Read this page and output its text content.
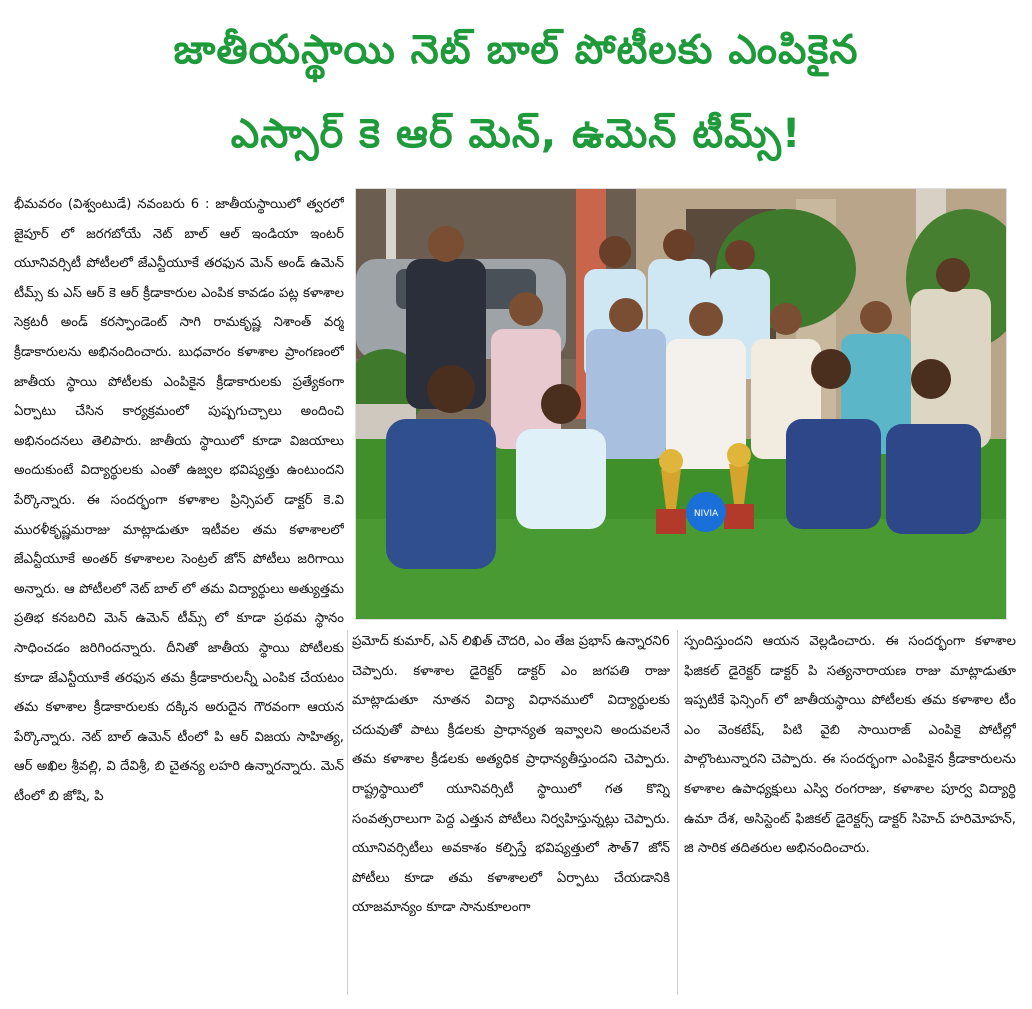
జాతీయస్థాయి నెట్ బాల్ పోటీలకు ఎంపికైన
ఎస్సార్ కె ఆర్ మెన్, ఉమెన్ టీమ్స్!

భీమవరం (విశ్వంటుడే) నవంబరు 6 : జాతీయస్థాయిలో త్వరలో జైపూర్ లో జరగబోయే నెట్ బాల్ ఆల్ ఇండియా ఇంటర్ యూనివర్సిటీ పోటీలలో జేఎన్టీయూకే తరఫున మెన్ అండ్ ఉమెన్ టీమ్స్ కు ఎస్ ఆర్ కె ఆర్ క్రీడాకారుల ఎంపిక కావడం పట్ల కళాశాల సెక్రటరీ అండ్ కరస్పాండెంట్ సాగి రామకృష్ణ నిశాంత్ వర్మ క్రీడాకారులను అభినందించారు. బుధవారం కళాశాల ప్రాంగణంలో జాతీయ స్థాయి పోటీలకు ఎంపికైన క్రీడాకారులకు ప్రత్యేకంగా ఏర్పాటు చేసిన కార్యక్రమంలో పుష్పగుచ్చాలు అందించి అభినందనలు తెలిపారు. జాతీయ స్థాయిలో కూడా విజయాలు అందుకుంటే విద్యార్థులకు ఎంతో ఉజ్వల భవిష్యత్తు ఉంటుందని పేర్కొన్నారు. ఈ సందర్భంగా కళాశాల ప్రిన్సిపల్ డాక్టర్ కె.వి మురళీకృష్ణమరాజు మాట్లాడుతూ ఇటీవల తమ కళాశాలలో జేఎన్టీయూకే అంతర్ కళాశాలల సెంట్రల్ జోన్ పోటీలు జరిగాయి అన్నారు. ఆ పోటీలలో నెట్ బాల్ లో తమ విద్యార్థులు అత్యుత్తమ ప్రతిభ కనబరిచి మెన్ ఉమెన్ టీమ్స్ లో కూడా ప్రథమ స్థానం సాధించడం జరిగిందన్నారు. దీనితో జాతీయ స్థాయి పోటీలకు కూడా జేఎన్టీయూకే తరఫున తమ క్రీడాకారులన్నీ ఎంపిక చేయటం తమ కళాశాల క్రీడాకారులకు దక్కిన అరుదైన గౌరవంగా ఆయన పేర్కొన్నారు. నెట్ బాల్ ఉమెన్ టీంలో పి ఆర్ విజయ సాహిత్య, ఆర్ అఖిల శ్రీవల్లి, వి దేవిశ్రీ, బి చైతన్య లహరి ఉన్నారన్నారు. మెన్ టీంలో బి జోషి, పి

NIVIA

ప్రమోద్ కుమార్, ఎన్ లిఖిత్ చౌదరి, ఎం తేజ ప్రభాస్ ఉన్నారని6 చెప్పారు. కళాశాల డైరెక్టర్ డాక్టర్ ఎం జగపతి రాజు మాట్లాడుతూ నూతన విద్యా విధానములో విద్యార్థులకు చదువుతో పాటు క్రీడలకు ప్రాధాన్యత ఇవ్వాలని అందువలనే తమ కళాశాల క్రీడలకు అత్యధిక ప్రాధాన్యతీస్తుందని చెప్పారు. రాష్ట్రస్థాయిలో యూనివర్సిటీ స్థాయిలో గత కొన్ని సంవత్సరాలుగా పెద్ద ఎత్తున పోటీలు నిర్వహిస్తున్నట్లు చెప్పారు. యూనివర్సిటీలు అవకాశం కల్పిస్తే భవిష్యత్తులో సౌత్7 జోన్ పోటీలు కూడా తమ కళాశాలలో ఏర్పాటు చేయడానికి యాజమాన్యం కూడా సానుకూలంగా

స్పందిస్తుందని ఆయన వెల్లడించారు. ఈ సందర్భంగా కళాశాల ఫిజికల్ డైరెక్టర్ డాక్టర్ పి సత్యనారాయణ రాజు మాట్లాడుతూ ఇప్పటికే ఫెన్సింగ్ లో జాతీయస్థాయి పోటీలకు తమ కళాశాల టీం ఎం వెంకటేష్, పిటి వైబి సాయిరాజ్ ఎంపికై పోటీల్లో పాల్గొంటున్నారని చెప్పారు. ఈ సందర్భంగా ఎంపికైన క్రీడాకారులను కళాశాల ఉపాధ్యక్షులు ఎస్వి రంగరాజు, కళాశాల పూర్వ విద్యార్థి ఉమా దేశ, అసిస్టెంట్ ఫిజికల్ డైరెక్టర్స్ డాక్టర్ సిహెచ్ హరిమోహన్, జి సారిక తదితరుల అభినందించారు.
